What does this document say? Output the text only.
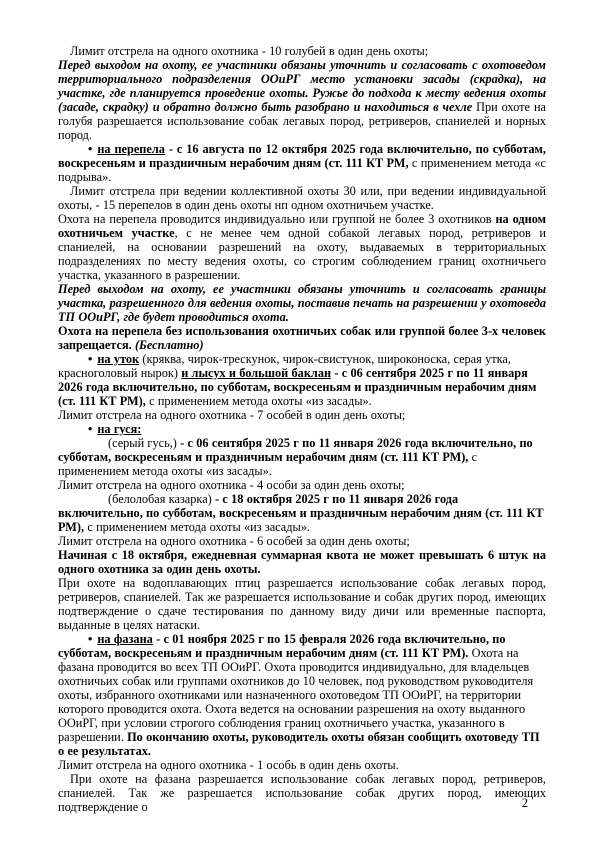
Лимит отстрела на одного охотника - 10 голубей в один день охоты;

Перед выходом на охоту, ее участники обязаны уточнить и согласовать с охотоведом территориального подразделения ООиРГ место установки засады (скрадка), на участке, где планируется проведение охоты. Ружье до подхода к месту ведения охоты (засаде, скрадку) и обратно должно быть разобрано и находиться в чехле При охоте на голубя разрешается использование собак легавых пород, ретриверов, спаниелей и норных пород.

• на перепела - с 16 августа по 12 октября 2025 года включительно, по субботам, воскресеньям и праздничным нерабочим дням (ст. 111 КТ РМ, с применением метода «с подрыва».

Лимит отстрела при ведении коллективной охоты 30 или, при ведении индивидуальной охоты, - 15 перепелов в один день охоты нп одном охотничьем участке.

Охота на перепела проводится индивидуально или группой не более 3 охотников на одном охотничьем участке, с не менее чем одной собакой легавых пород, ретриверов и спаниелей, на основании разрешений на охоту, выдаваемых в территориальных подразделениях по месту ведения охоты, со строгим соблюдением границ охотничьего участка, указанного в разрешении.

Перед выходом на охоту, ее участники обязаны уточнить и согласовать границы участка, разрешенного для ведения охоты, поставив печать на разрешении у охотоведа ТП ООиРГ, где будет проводиться охота.

Охота на перепела без использования охотничьих собак или группой более 3-х человек запрещается. (Бесплатно)

• на уток (кряква, чирок-трескунок, чирок-свистунок, широконоска, серая утка, красноголовый нырок) и лысух и большой баклан - с 06 сентября 2025 г по 11 января 2026 года включительно, по субботам, воскресеньям и праздничным нерабочим дням (ст. 111 КТ РМ), с применением метода охоты «из засады».

Лимит отстрела на одного охотника - 7 особей в один день охоты;

• на гуся:

(серый гусь,) - с 06 сентября 2025 г по 11 января 2026 года включительно, по субботам, воскресеньям и праздничным нерабочим дням (ст. 111 КТ РМ), с применением метода охоты «из засады».

Лимит отстрела на одного охотника - 4 особи за один день охоты;

(белолобая казарка) - с 18 октября 2025 г по 11 января 2026 года включительно, по субботам, воскресеньям и праздничным нерабочим дням (ст. 111 КТ РМ), с применением метода охоты «из засады».

Лимит отстрела на одного охотника - 6 особей за один день охоты;

Начиная с 18 октября, ежедневная суммарная квота не может превышать 6 штук на одного охотника за один день охоты.

При охоте на водоплавающих птиц разрешается использование собак легавых пород, ретриверов, спаниелей. Так же разрешается использование и собак других пород, имеющих подтверждение о сдаче тестирования по данному виду дичи или временные паспорта, выданные в целях натаски.

• на фазана - с 01 ноября 2025 г по 15 февраля 2026 года включительно, по субботам, воскресеньям и праздничным нерабочим дням (ст. 111 КТ РМ). Охота на фазана проводится во всех ТП ООиРГ. Охота проводится индивидуально, для владельцев охотничьих собак или группами охотников до 10 человек, под руководством руководителя охоты, избранного охотниками или назначенного охотоведом ТП ООиРГ, на территории которого проводится охота. Охота ведется на основании разрешения на охоту выданного ООиРГ, при условии строгого соблюдения границ охотничьего участка, указанного в разрешении. По окончанию охоты, руководитель охоты обязан сообщить охотоведу ТП о ее результатах.

Лимит отстрела на одного охотника - 1 особь в один день охоты.

При охоте на фазана разрешается использование собак легавых пород, ретриверов, спаниелей. Так же разрешается использование собак других пород, имеющих подтверждение о	2
